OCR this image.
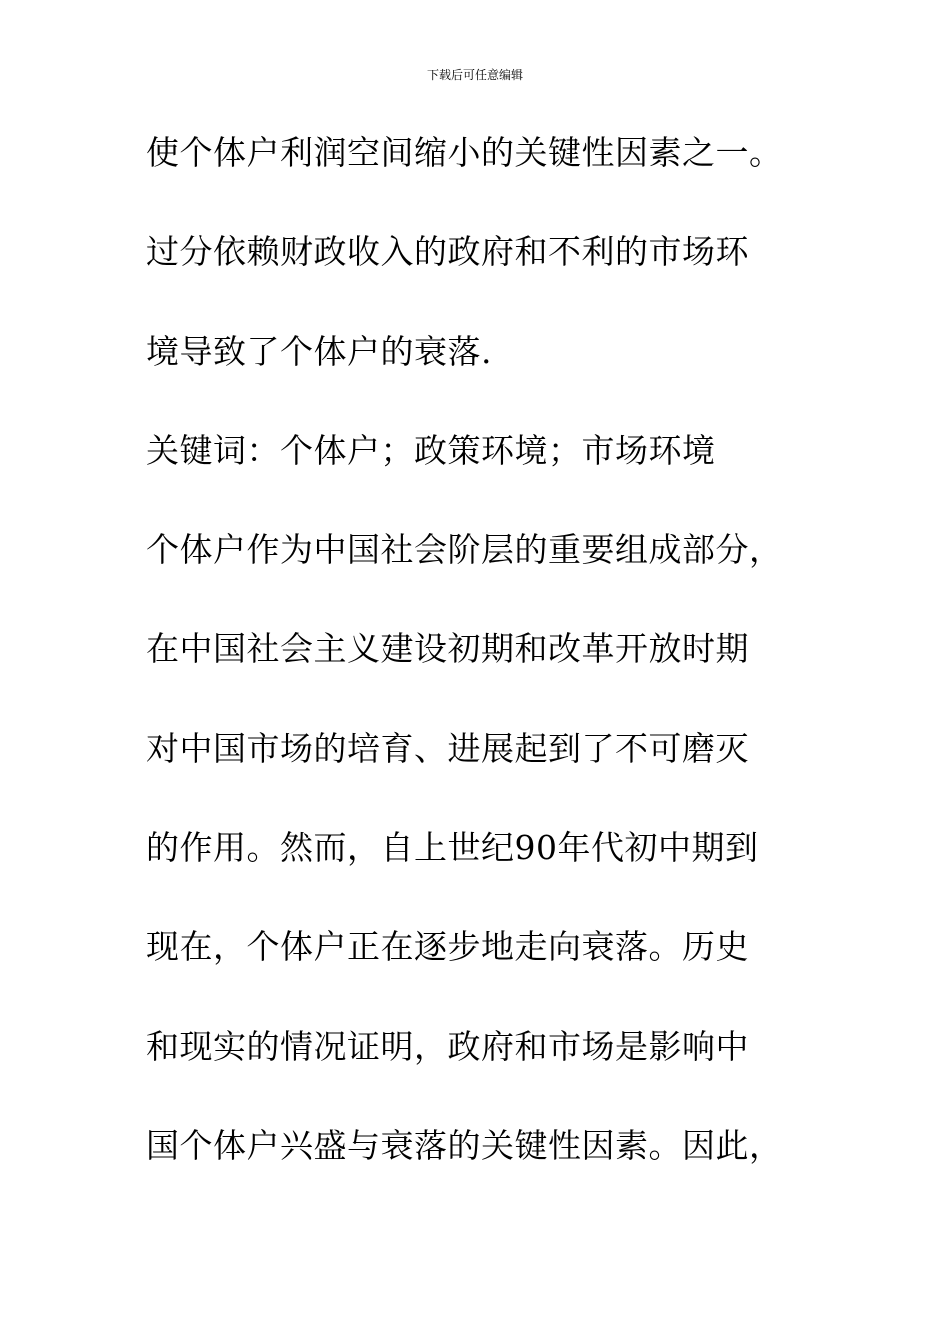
下载后可任意编辑
使个体户利润空间缩小的关键性因素之一。
过分依赖财政收入的政府和不利的市场环
境导致了个体户的衰落.
关键词：个体户；政策环境；市场环境
个体户作为中国社会阶层的重要组成部分，
在中国社会主义建设初期和改革开放时期
对中国市场的培育、进展起到了不可磨灭
的作用。然而，自上世纪90年代初中期到
现在，个体户正在逐步地走向衰落。历史
和现实的情况证明，政府和市场是影响中
国个体户兴盛与衰落的关键性因素。因此，
